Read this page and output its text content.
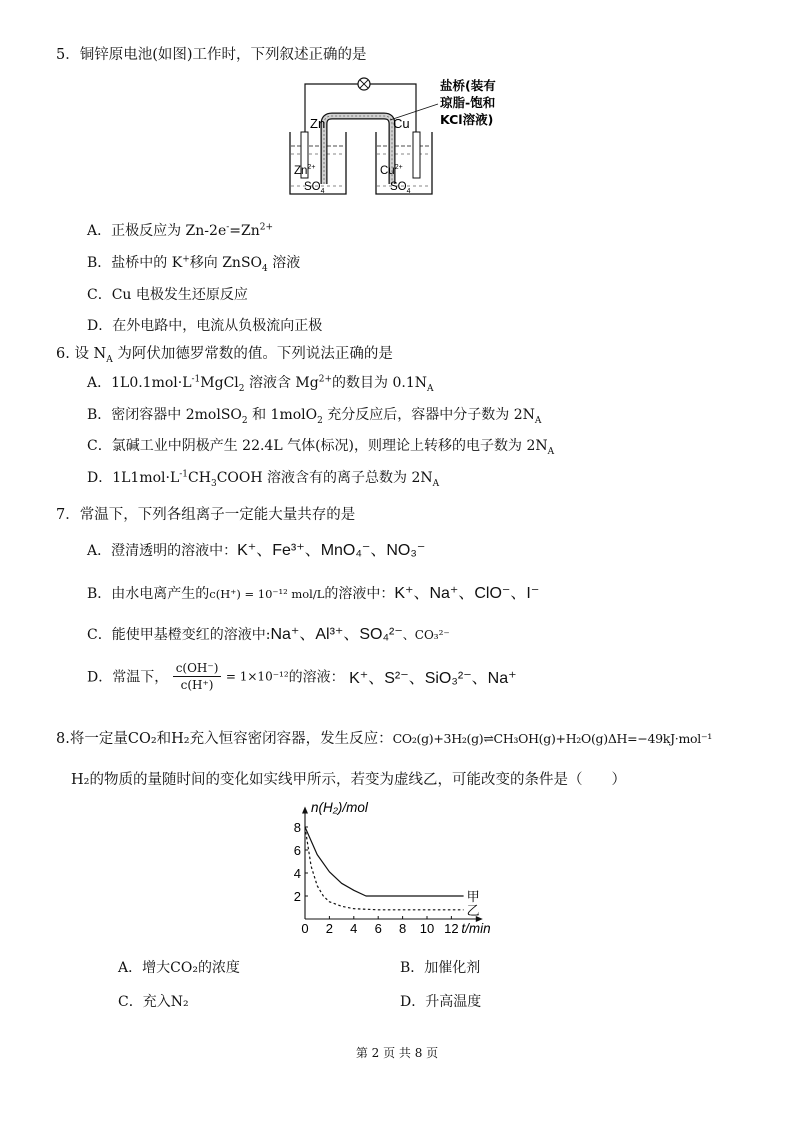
5．铜锌原电池(如图)工作时，下列叙述正确的是
Zn	Cu
$Zn^{2+}$
$SO_4$
$Cu^{2+}$
$SO_4$
盐桥(装有
琼脂-饱和
KCl溶液)
A．正极反应为 $Zn-2e^-=Zn^{2+}$
B．盐桥中的 K+移向 ZnSO$_4$ 溶液
C．Cu 电极发生还原反应
D．在外电路中，电流从负极流向正极
6. 设 $N_A$ 为阿伏加德罗常数的值。下列说法正确的是
A．$1L0.1mol\cdot L^{-1}MgCl_2$ 溶液含 $Mg^{2+}$的数目为 $0.1N_A$
B．密闭容器中 2molSO$_2$ 和 1molO$_2$ 充分反应后，容器中分子数为 $2N_A$
C．氯碱工业中阴极产生 22.4L 气体(标况)，则理论上转移的电子数为 $2N_A$
D．$1L1mol\cdot L^{-1}CH_3COOH$ 溶液含有的离子总数为 $2N_A$
7．常温下，下列各组离子一定能大量共存的是
A．澄清透明的溶液中：K⁺、Fe³⁺、MnO₄⁻、NO₃⁻
B．由水电离产生的c(H⁺) = 10⁻¹² mol/L的溶液中：K⁺、Na⁺、ClO⁻、I⁻
C．能使甲基橙变红的溶液中:Na⁺、Al³⁺、SO₄²⁻、CO₃²⁻
D．常温下， $\frac{c(OH^-)}{c(H^+)} = 1\times 10^{-12}$的溶液： K⁺、S²⁻、SiO₃²⁻、Na⁺
8.将一定量CO₂和H₂充入恒容密闭容器，发生反应：CO₂(g)+3H₂(g)⇌CH₃OH(g)+H₂O(g)ΔH=−49kJ·mol⁻¹
H₂的物质的量随时间的变化如实线甲所示，若变为虚线乙，可能改变的条件是（　　）
0 2 4 6 8 10 12
2
4
6
8
n(H₂)/mol
t/min
甲
乙
A．增大CO₂的浓度	B．加催化剂
C．充入N₂	D．升高温度
第 2 页 共 8 页
